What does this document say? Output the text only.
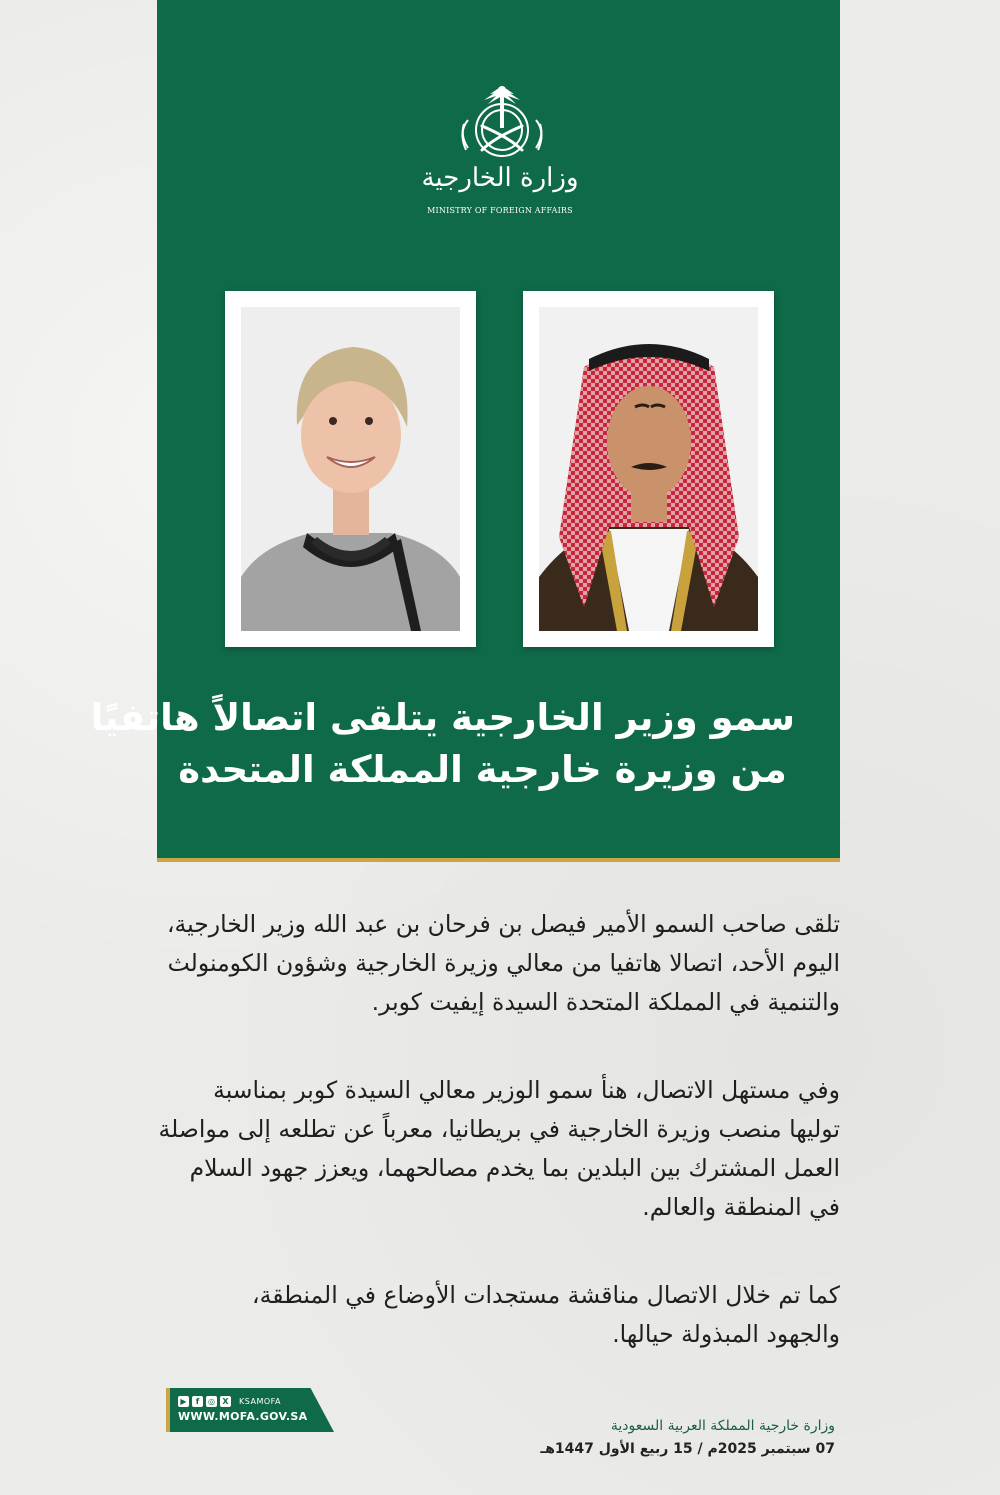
وزارة الخارجية
MINISTRY OF FOREIGN AFFAIRS
سمو وزير الخارجية يتلقى اتصالاً هاتفيًا
من وزيرة خارجية المملكة المتحدة
تلقى صاحب السمو الأمير فيصل بن فرحان بن عبد الله وزير الخارجية،
اليوم الأحد، اتصالا هاتفيا من معالي وزيرة الخارجية وشؤون الكومنولث
والتنمية في المملكة المتحدة السيدة إيفيت كوبر.
وفي مستهل الاتصال، هنأ سمو الوزير معالي السيدة كوبر بمناسبة
توليها منصب وزيرة الخارجية في بريطانيا، معرباً عن تطلعه إلى مواصلة
العمل المشترك بين البلدين بما يخدم مصالحهما، ويعزز جهود السلام
في المنطقة والعالم.
كما تم خلال الاتصال مناقشة مستجدات الأوضاع في المنطقة،
والجهود المبذولة حيالها.
وزارة خارجية المملكة العربية السعودية
07 سبتمبر 2025م / 15 ربيع الأول 1447هـ
▶	f	◎ X	KSAMOFA
WWW.MOFA.GOV.SA
